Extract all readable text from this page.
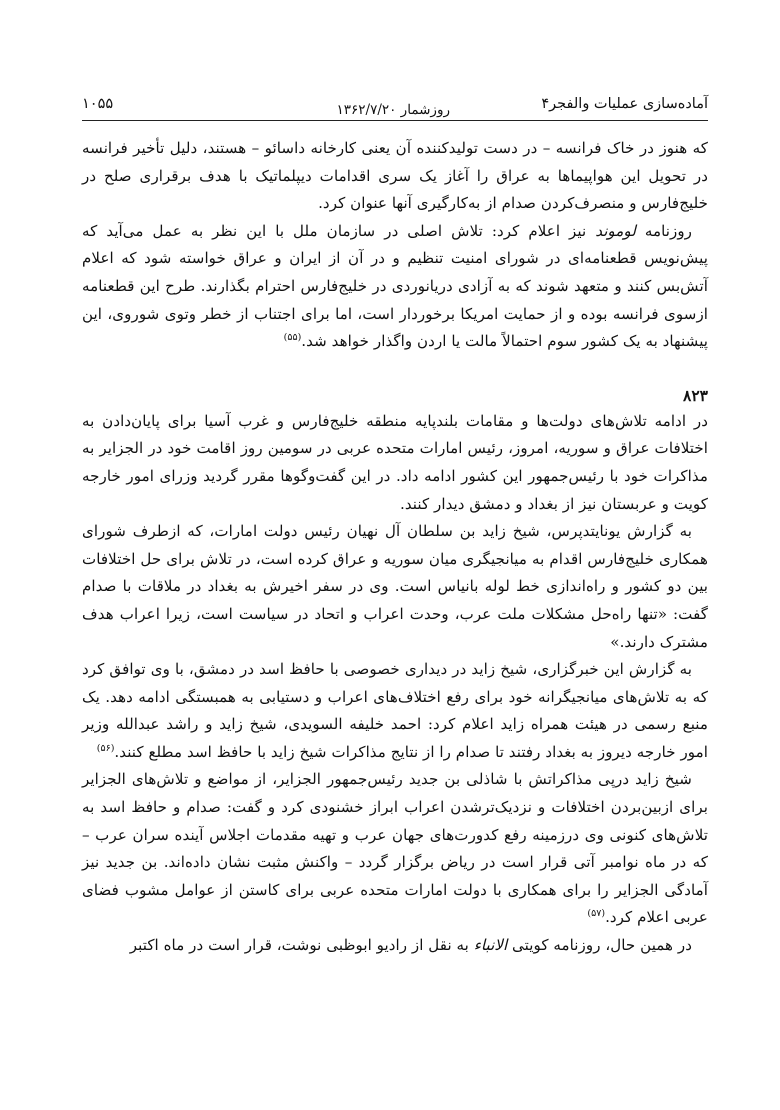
آماده‌سازی عملیات والفجر۴
روزشمار ۱۳۶۲/۷/۲۰
۱۰۵۵

که هنوز در خاک فرانسه – در دست تولیدکننده آن یعنی کارخانه داسائو – هستند، دلیل تأخیر فرانسه در تحویل این هواپیماها به عراق را آغاز یک سری اقدامات دیپلماتیک با هدف برقراری صلح در خلیج‌فارس و منصرف‌کردن صدام از به‌کارگیری آنها عنوان کرد.

روزنامه لوموند نیز اعلام کرد: تلاش اصلی در سازمان ملل با این نظر به عمل می‌آید که پیش‌نویس قطعنامه‌ای در شورای امنیت تنظیم و در آن از ایران و عراق خواسته شود که اعلام آتش‌بس کنند و متعهد شوند که به آزادی دریانوردی در خلیج‌فارس احترام بگذارند. طرح این قطعنامه ازسوی فرانسه بوده و از حمایت امریکا برخوردار است، اما برای اجتناب از خطر وتوی شوروی، این پیشنهاد به یک کشور سوم احتمالاً مالت یا اردن واگذار خواهد شد.$^{(۵۵)}$

۸۲۳

در ادامه تلاش‌های دولت‌ها و مقامات بلندپایه منطقه خلیج‌فارس و غرب آسیا برای پایان‌دادن به اختلافات عراق و سوریه، امروز، رئیس امارات متحده عربی در سومین روز اقامت خود در الجزایر به مذاکرات خود با رئیس‌جمهور این کشور ادامه داد. در این گفت‌وگوها مقرر گردید وزرای امور خارجه کویت و عربستان نیز از بغداد و دمشق دیدار کنند.

به گزارش یونایتدپرس، شیخ زاید بن سلطان آل نهیان رئیس دولت امارات، که ازطرف شورای همکاری خلیج‌فارس اقدام به میانجیگری میان سوریه و عراق کرده است، در تلاش برای حل اختلافات بین دو کشور و راه‌اندازی خط لوله بانیاس است. وی در سفر اخیرش به بغداد در ملاقات با صدام گفت: «تنها راه‌حل مشکلات ملت عرب، وحدت اعراب و اتحاد در سیاست است، زیرا اعراب هدف مشترک دارند.»

به گزارش این خبرگزاری، شیخ زاید در دیداری خصوصی با حافظ اسد در دمشق، با وی توافق کرد که به تلاش‌های میانجیگرانه خود برای رفع اختلاف‌های اعراب و دستیابی به همبستگی ادامه دهد. یک منبع رسمی در هیئت همراه زاید اعلام کرد: احمد خلیفه السویدی، شیخ زاید و راشد عبدالله وزیر امور خارجه دیروز به بغداد رفتند تا صدام را از نتایج مذاکرات شیخ زاید با حافظ اسد مطلع کنند.$^{(۵۶)}$

شیخ زاید درپی مذاکراتش با شاذلی بن جدید رئیس‌جمهور الجزایر، از مواضع و تلاش‌های الجزایر برای ازبین‌بردن اختلافات و نزدیک‌ترشدن اعراب ابراز خشنودی کرد و گفت: صدام و حافظ اسد به تلاش‌های کنونی وی درزمینه رفع کدورت‌های جهان عرب و تهیه مقدمات اجلاس آینده سران عرب – که در ماه نوامبر آتی قرار است در ریاض برگزار گردد – واکنش مثبت نشان داده‌اند. بن جدید نیز آمادگی الجزایر را برای همکاری با دولت امارات متحده عربی برای کاستن از عوامل مشوب فضای عربی اعلام کرد.$^{(۵۷)}$

در همین حال، روزنامه کویتی الانباء به نقل از رادیو ابوظبی نوشت، قرار است در ماه اکتبر
